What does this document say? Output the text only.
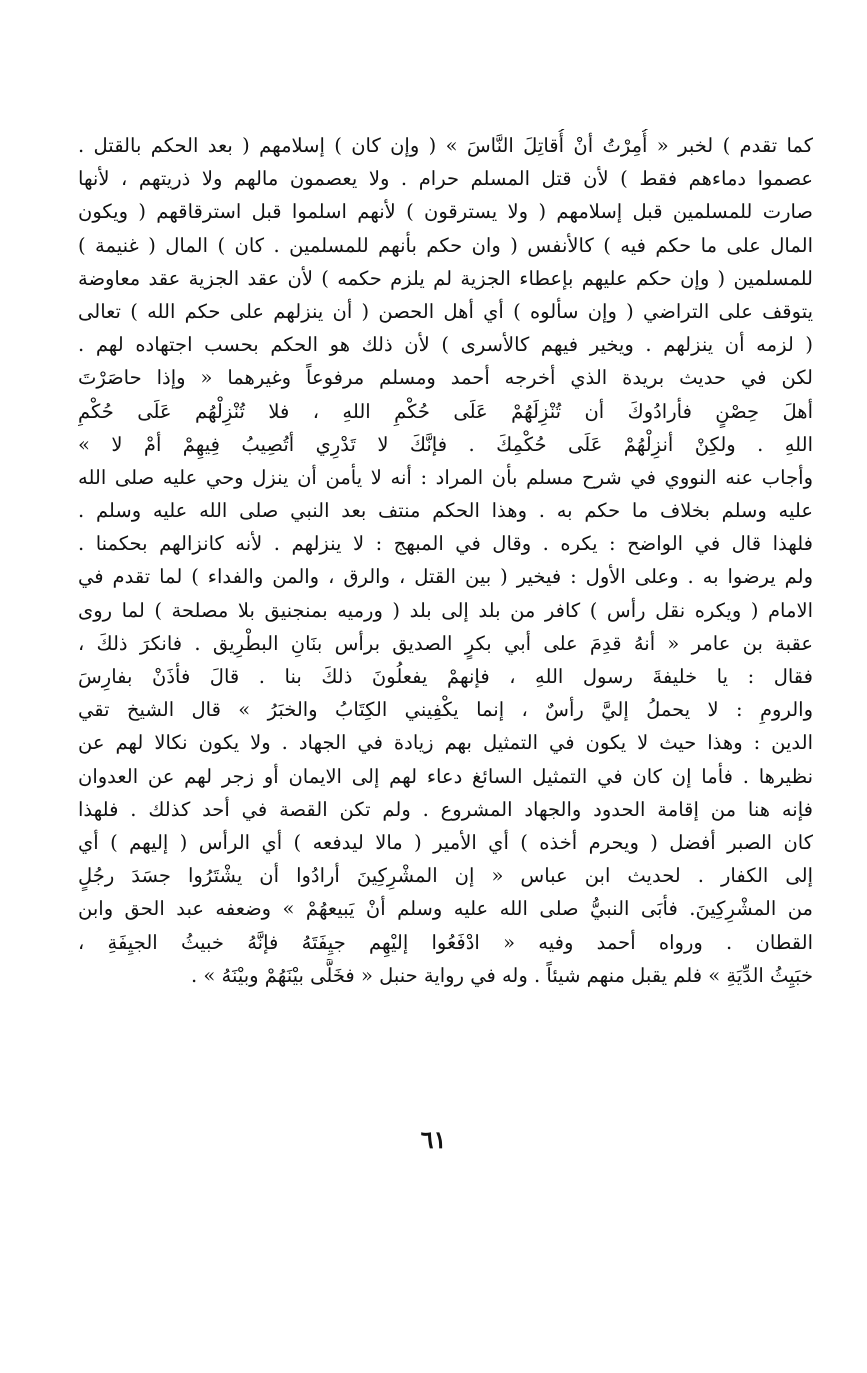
كما تقدم ) لخبر « أُمِرْتُ أنْ أُقاتِلَ النَّاسَ » ( وإن كان ) إسلامهم ( بعد الحكم بالقتل .
عصموا دماءهم فقط ) لأن قتل المسلم حرام . ولا يعصمون مالهم ولا ذريتهم ، لأنها
صارت للمسلمين قبل إسلامهم ( ولا يسترقون ) لأنهم اسلموا قبل استرقاقهم ( ويكون
المال على ما حكم فيه ) كالأنفس ( وان حكم بأنهم للمسلمين . كان ) المال ( غنيمة )
للمسلمين ( وإن حكم عليهم بإعطاء الجزية لم يلزم حكمه ) لأن عقد الجزية عقد معاوضة
يتوقف على التراضي ( وإن سألوه ) أي أهل الحصن ( أن ينزلهم على حكم الله ) تعالى
( لزمه أن ينزلهم . ويخير فيهم كالأسرى ) لأن ذلك هو الحكم بحسب اجتهاده لهم .
لكن في حديث بريدة الذي أخرجه أحمد ومسلم مرفوعاً وغيرهما « وإذا حاصَرْتَ
أهلَ حِصْنٍ فأرادُوكَ أن تُنْزِلَهُمْ عَلَى حُكْمِ اللهِ ، فلا تُنْزِلْهُم عَلَى حُكْمِ
اللهِ . ولكِنْ أنزِلْهُمْ عَلَى حُكْمِكَ . فإنَّكَ لا تَدْرِي أتُصِيبُ فِيهِمْ أمْ لا »
وأجاب عنه النووي في شرح مسلم بأن المراد : أنه لا يأمن أن ينزل وحي عليه صلى الله
عليه وسلم بخلاف ما حكم به . وهذا الحكم منتف بعد النبي صلى الله عليه وسلم .
فلهذا قال في الواضح : يكره . وقال في المبهج : لا ينزلهم . لأنه كانزالهم بحكمنا .
ولم يرضوا به . وعلى الأول : فيخير ( بين القتل ، والرق ، والمن والفداء ) لما تقدم في
الامام ( ويكره نقل رأس ) كافر من بلد إلى بلد ( ورميه بمنجنيق بلا مصلحة ) لما روى
عقبة بن عامر « أنهُ قدِمَ على أبي بكرٍ الصديق برأس بنَانِ البطْرِيق . فانكرَ ذلكَ ،
فقال : يا خليفةَ رسول اللهِ ، فإنهمْ يفعلُونَ ذلكَ بنا . قالَ فأذَنْ بفارِسَ
والرومِ : لا يحملُ إليَّ رأسٌ ، إنما يكْفِيني الكِتَابُ والخبَرُ » قال الشيخ تقي
الدين : وهذا حيث لا يكون في التمثيل بهم زيادة في الجهاد . ولا يكون نكالا لهم عن
نظيرها . فأما إن كان في التمثيل السائغ دعاء لهم إلى الايمان أو زجر لهم عن العدوان
فإنه هنا من إقامة الحدود والجهاد المشروع . ولم تكن القصة في أحد كذلك . فلهذا
كان الصبر أفضل ( ويحرم أخذه ) أي الأمير ( مالا ليدفعه ) أي الرأس ( إليهم ) أي
إلى الكفار . لحديث ابن عباس « إن المشْرِكِينَ أرادُوا أن يشْتَرُوا جسَدَ رجُلٍ
من المشْرِكِينَ. فأبَى النبيُّ صلى الله عليه وسلم أنْ يَبيعهُمْ » وضعفه عبد الحق وابن
القطان . ورواه أحمد وفيه « ادْفَعُوا إليْهِم جيِفَتَهُ فإنَّهُ خبيثُ الجيِفَةِ ،
خبَيِثُ الدِّيَةِ » فلم يقبل منهم شيئاً . وله في رواية حنبل « فخَلَّى بيْنَهُمْ وبيْنَهُ » .
٦١
